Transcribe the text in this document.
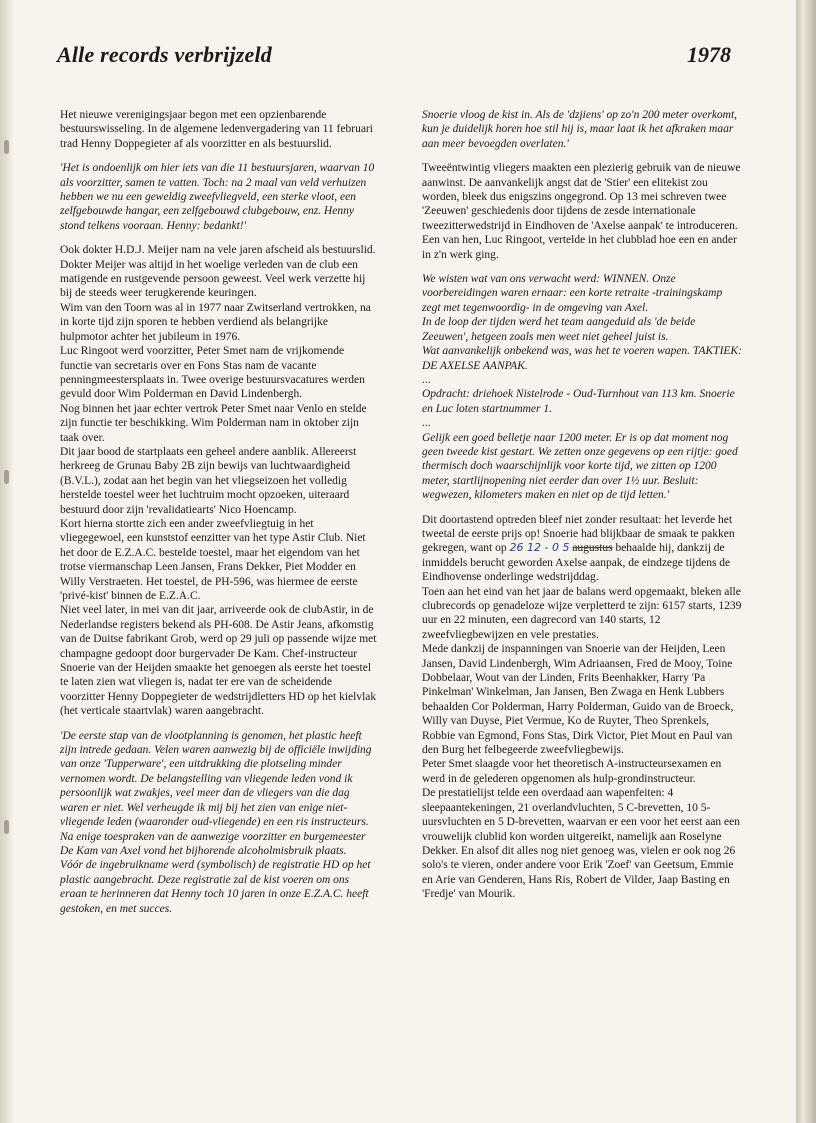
Alle records verbrijzeld	1978

Het nieuwe verenigingsjaar begon met een opzienbarende bestuurswisseling. In de algemene ledenvergadering van 11 februari trad Henny Doppegieter af als voorzitter en als bestuurslid.

'Het is ondoenlijk om hier iets van die 11 bestuursjaren, waarvan 10 als voorzitter, samen te vatten. Toch: na 2 maal van veld verhuizen hebben we nu een geweldig zweefvliegveld, een sterke vloot, een zelfgebouwde hangar, een zelfgebouwd clubgebouw, enz. Henny stond telkens vooraan. Henny: bedankt!'

Ook dokter H.D.J. Meijer nam na vele jaren afscheid als bestuurslid. Dokter Meijer was altijd in het woelige verleden van de club een matigende en rustgevende persoon geweest. Veel werk verzette hij bij de steeds weer terugkerende keuringen.

Wim van den Toorn was al in 1977 naar Zwitserland vertrokken, na in korte tijd zijn sporen te hebben verdiend als belangrijke hulpmotor achter het jubileum in 1976.

Luc Ringoot werd voorzitter, Peter Smet nam de vrijkomende functie van secretaris over en Fons Stas nam de vacante penningmeestersplaats in. Twee overige bestuursvacatures werden gevuld door Wim Polderman en David Lindenbergh.

Nog binnen het jaar echter vertrok Peter Smet naar Venlo en stelde zijn functie ter beschikking. Wim Polderman nam in oktober zijn taak over.

Dit jaar bood de startplaats een geheel andere aanblik. Allereerst herkreeg de Grunau Baby 2B zijn bewijs van luchtwaardigheid (B.V.L.), zodat aan het begin van het vliegseizoen het volledig herstelde toestel weer het luchtruim mocht opzoeken, uiteraard bestuurd door zijn 'revalidatiearts' Nico Hoencamp.

Kort hierna stortte zich een ander zweefvliegtuig in het vliegegewoel, een kunststof eenzitter van het type Astir Club. Niet het door de E.Z.A.C. bestelde toestel, maar het eigendom van het trotse viermanschap Leen Jansen, Frans Dekker, Piet Modder en Willy Verstraeten. Het toestel, de PH-596, was hiermee de eerste 'privé-kist' binnen de E.Z.A.C.

Niet veel later, in mei van dit jaar, arriveerde ook de clubAstir, in de Nederlandse registers bekend als PH-608. De Astir Jeans, afkomstig van de Duitse fabrikant Grob, werd op 29 juli op passende wijze met champagne gedoopt door burgervader De Kam. Chef-instructeur Snoerie van der Heijden smaakte het genoegen als eerste het toestel te laten zien wat vliegen is, nadat ter ere van de scheidende voorzitter Henny Doppegieter de wedstrijdletters HD op het kielvlak (het verticale staartvlak) waren aangebracht.

'De eerste stap van de vlootplanning is genomen, het plastic heeft zijn intrede gedaan. Velen waren aanwezig bij de officiële inwijding van onze 'Tupperware', een uitdrukking die plotseling minder vernomen wordt. De belangstelling van vliegende leden vond ik persoonlijk wat zwakjes, veel meer dan de vliegers van die dag waren er niet. Wel verheugde ik mij bij het zien van enige niet-vliegende leden (waaronder oud-vliegende) en een ris instructeurs.

Na enige toespraken van de aanwezige voorzitter en burgemeester De Kam van Axel vond het bijhorende alcoholmisbruik plaats.

Vóór de ingebruikname werd (symbolisch) de registratie HD op het plastic aangebracht. Deze registratie zal de kist voeren om ons eraan te herinneren dat Henny toch 10 jaren in onze E.Z.A.C. heeft gestoken, en met succes.

Snoerie vloog de kist in. Als de 'dzjiens' op zo'n 200 meter overkomt, kun je duidelijk horen hoe stil hij is, maar laat ik het afkraken maar aan meer bevoegden overlaten.'

Tweeëntwintig vliegers maakten een plezierig gebruik van de nieuwe aanwinst. De aanvankelijk angst dat de 'Stier' een elitekist zou worden, bleek dus enigszins ongegrond. Op 13 mei schreven twee 'Zeeuwen' geschiedenis door tijdens de zesde internationale tweezitterwedstrijd in Eindhoven de 'Axelse aanpak' te introduceren. Een van hen, Luc Ringoot, vertelde in het clubblad hoe een en ander in z'n werk ging.

We wisten wat van ons verwacht werd: WINNEN. Onze voorbereidingen waren ernaar: een korte retraite -trainingskamp zegt met tegenwoordig- in de omgeving van Axel.

In de loop der tijden werd het team aangeduid als 'de beide Zeeuwen', hetgeen zoals men weet niet geheel juist is.

Wat aanvankelijk onbekend was, was het te voeren wapen. TAKTIEK: DE AXELSE AANPAK.

...

Opdracht: driehoek Nistelrode - Oud-Turnhout van 113 km. Snoerie en Luc loten startnummer 1.

...

Gelijk een goed belletje naar 1200 meter. Er is op dat moment nog geen tweede kist gestart. We zetten onze gegevens op een rijtje: goed thermisch doch waarschijnlijk voor korte tijd, we zitten op 1200 meter, startlijnopening niet eerder dan over 1½ uur. Besluit: wegwezen, kilometers maken en niet op de tijd letten.'

Dit doortastend optreden bleef niet zonder resultaat: het leverde het tweetal de eerste prijs op! Snoerie had blijkbaar de smaak te pakken gekregen, want op 26 12 - 0 5 augustus behaalde hij, dankzij de inmiddels berucht geworden Axelse aanpak, de eindzege tijdens de Eindhovense onderlinge wedstrijddag.

Toen aan het eind van het jaar de balans werd opgemaakt, bleken alle clubrecords op genadeloze wijze verpletterd te zijn: 6157 starts, 1239 uur en 22 minuten, een dagrecord van 140 starts, 12 zweefvliegbewijzen en vele prestaties.

Mede dankzij de inspanningen van Snoerie van der Heijden, Leen Jansen, David Lindenbergh, Wim Adriaansen, Fred de Mooy, Toine Dobbelaar, Wout van der Linden, Frits Beenhakker, Harry 'Pa Pinkelman' Winkelman, Jan Jansen, Ben Zwaga en Henk Lubbers behaalden Cor Polderman, Harry Polderman, Guido van de Broeck, Willy van Duyse, Piet Vermue, Ko de Ruyter, Theo Sprenkels, Robbie van Egmond, Fons Stas, Dirk Victor, Piet Mout en Paul van den Burg het felbegeerde zweefvliegbewijs.

Peter Smet slaagde voor het theoretisch A-instructeursexamen en werd in de gelederen opgenomen als hulp-grondinstructeur.

De prestatielijst telde een overdaad aan wapenfeiten: 4 sleepaantekeningen, 21 overlandvluchten, 5 C-brevetten, 10 5-uursvluchten en 5 D-brevetten, waarvan er een voor het eerst aan een vrouwelijk clublid kon worden uitgereikt, namelijk aan Roselyne Dekker. En alsof dit alles nog niet genoeg was, vielen er ook nog 26 solo's te vieren, onder andere voor Erik 'Zoef' van Geetsum, Emmie en Arie van Genderen, Hans Ris, Robert de Vilder, Jaap Basting en 'Fredje' van Mourik.
